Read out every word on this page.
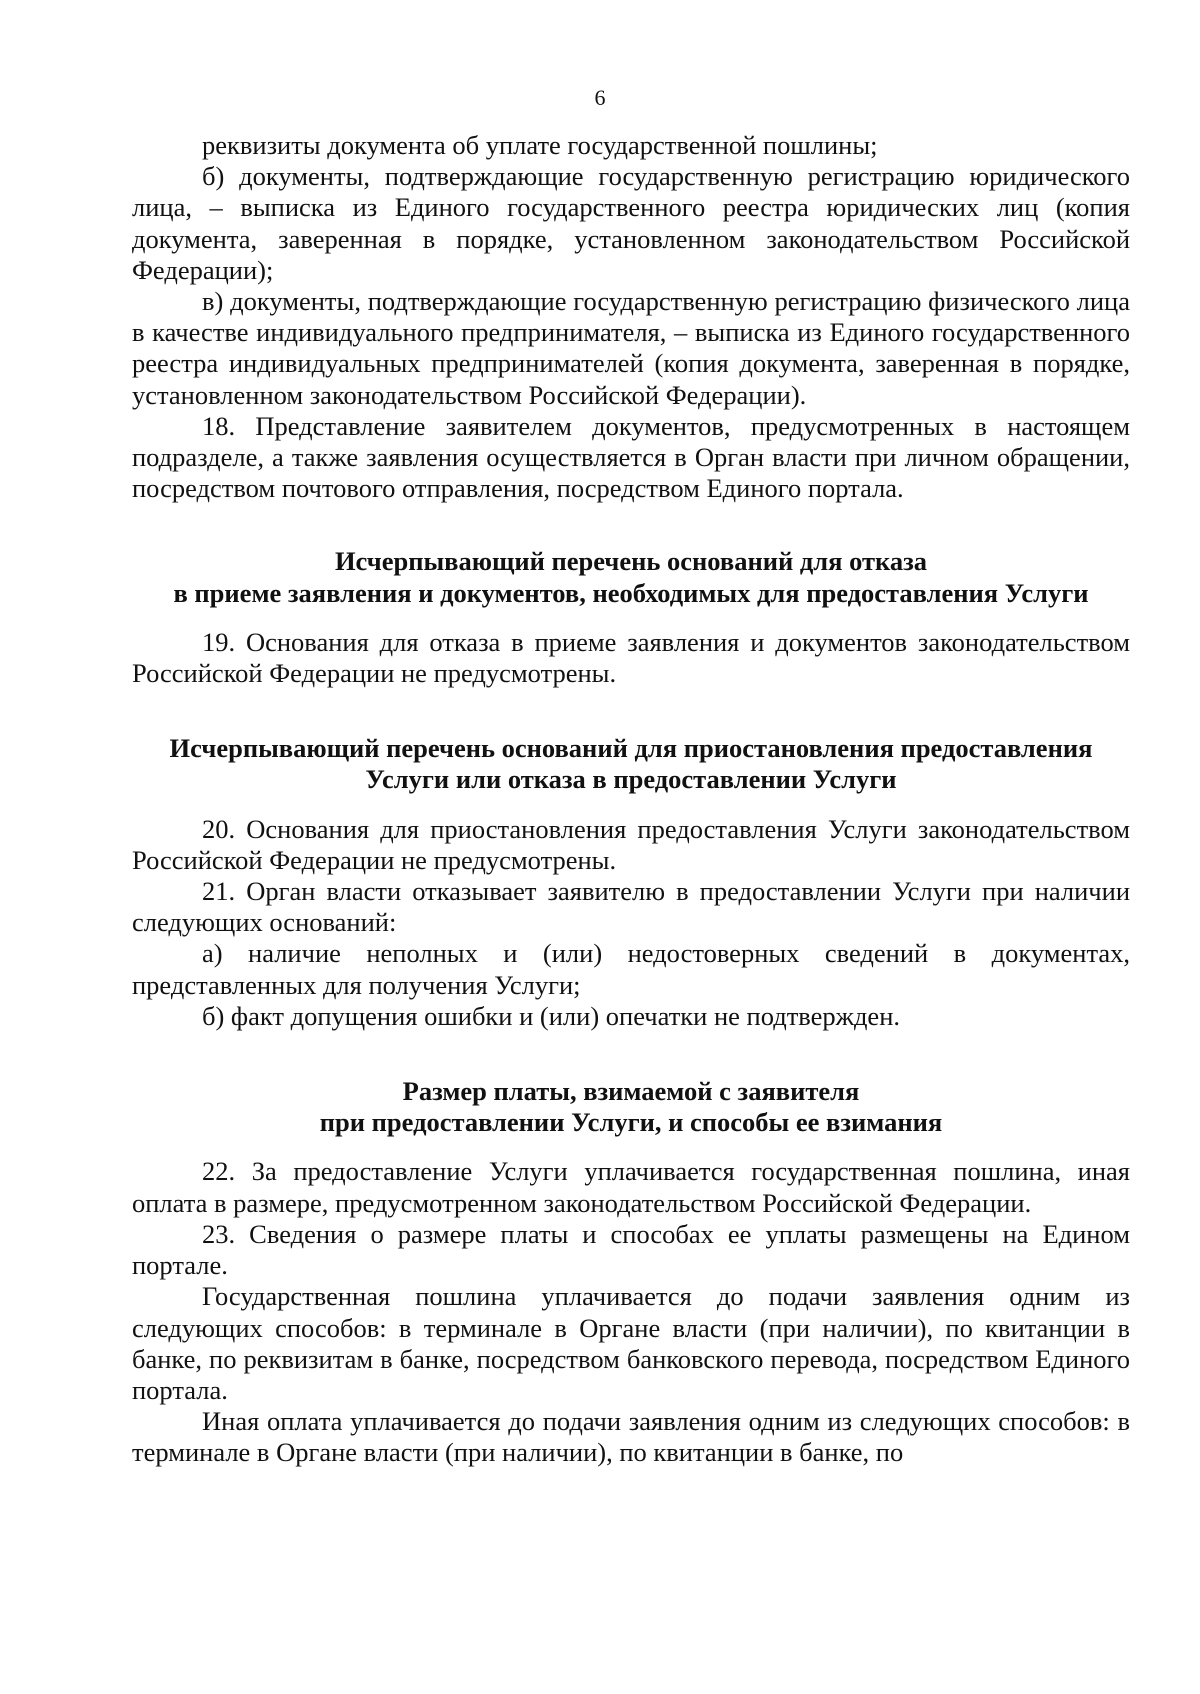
6

реквизиты документа об уплате государственной пошлины;

б) документы, подтверждающие государственную регистрацию юридического лица, – выписка из Единого государственного реестра юридических лиц (копия документа, заверенная в порядке, установленном законодательством Российской Федерации);

в) документы, подтверждающие государственную регистрацию физического лица в качестве индивидуального предпринимателя, – выписка из Единого государственного реестра индивидуальных предпринимателей (копия документа, заверенная в порядке, установленном законодательством Российской Федерации).

18. Представление заявителем документов, предусмотренных в настоящем подразделе, а также заявления осуществляется в Орган власти при личном обращении, посредством почтового отправления, посредством Единого портала.

Исчерпывающий перечень оснований для отказа
в приеме заявления и документов, необходимых для предоставления Услуги

19. Основания для отказа в приеме заявления и документов законодательством Российской Федерации не предусмотрены.

Исчерпывающий перечень оснований для приостановления предоставления
Услуги или отказа в предоставлении Услуги

20. Основания для приостановления предоставления Услуги законодательством Российской Федерации не предусмотрены.

21. Орган власти отказывает заявителю в предоставлении Услуги при наличии следующих оснований:

а) наличие неполных и (или) недостоверных сведений в документах, представленных для получения Услуги;

б) факт допущения ошибки и (или) опечатки не подтвержден.

Размер платы, взимаемой с заявителя
при предоставлении Услуги, и способы ее взимания

22. За предоставление Услуги уплачивается государственная пошлина, иная оплата в размере, предусмотренном законодательством Российской Федерации.

23. Сведения о размере платы и способах ее уплаты размещены на Едином портале.

Государственная пошлина уплачивается до подачи заявления одним из следующих способов: в терминале в Органе власти (при наличии), по квитанции в банке, по реквизитам в банке, посредством банковского перевода, посредством Единого портала.

Иная оплата уплачивается до подачи заявления одним из следующих способов: в терминале в Органе власти (при наличии), по квитанции в банке, по
